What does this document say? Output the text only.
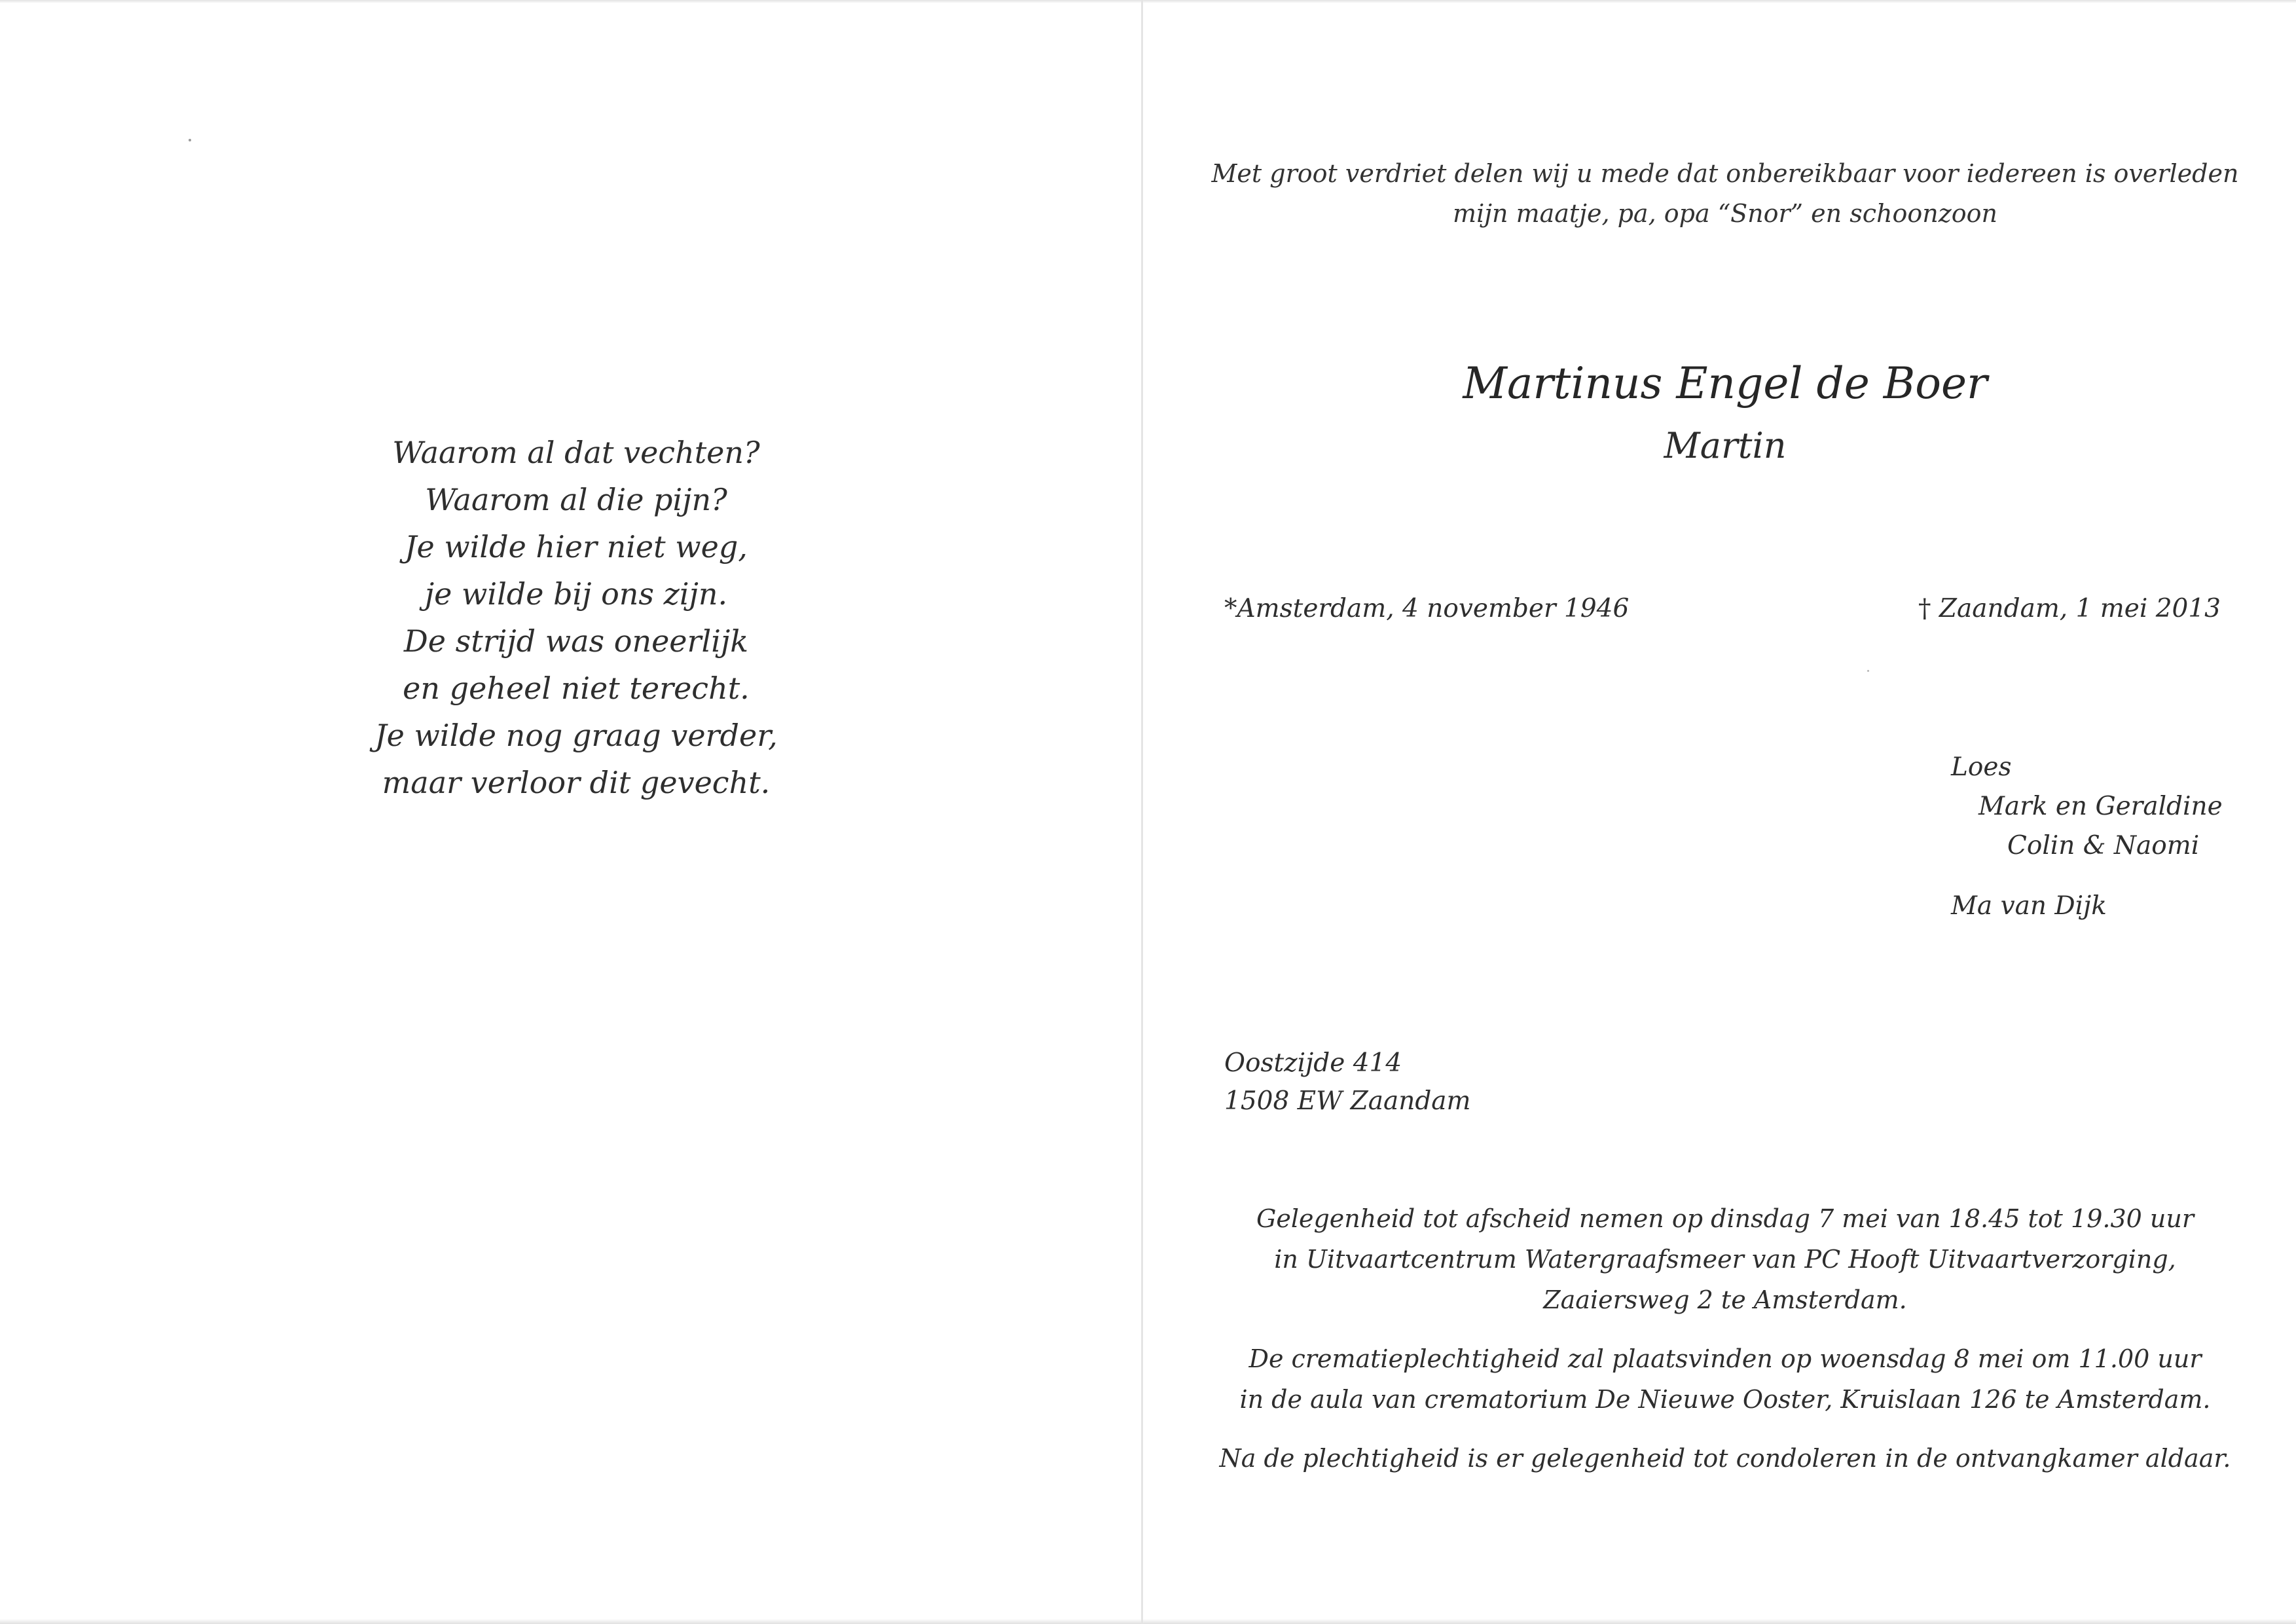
Waarom al dat vechten?
Waarom al die pijn?
Je wilde hier niet weg,
je wilde bij ons zijn.
De strijd was oneerlijk
en geheel niet terecht.
Je wilde nog graag verder,
maar verloor dit gevecht.
Met groot verdriet delen wij u mede dat onbereikbaar voor iedereen is overleden
mijn maatje, pa, opa “Snor” en schoonzoon
Martinus Engel de Boer
Martin
*Amsterdam, 4 november 1946	† Zaandam, 1 mei 2013
Loes
Mark en Geraldine
Colin & Naomi
Ma van Dijk
Oostzijde 414
1508 EW Zaandam
Gelegenheid tot afscheid nemen op dinsdag 7 mei van 18.45 tot 19.30 uur
in Uitvaartcentrum Watergraafsmeer van PC Hooft Uitvaartverzorging,
Zaaiersweg 2 te Amsterdam.
De crematieplechtigheid zal plaatsvinden op woensdag 8 mei om 11.00 uur
in de aula van crematorium De Nieuwe Ooster, Kruislaan 126 te Amsterdam.
Na de plechtigheid is er gelegenheid tot condoleren in de ontvangkamer aldaar.
